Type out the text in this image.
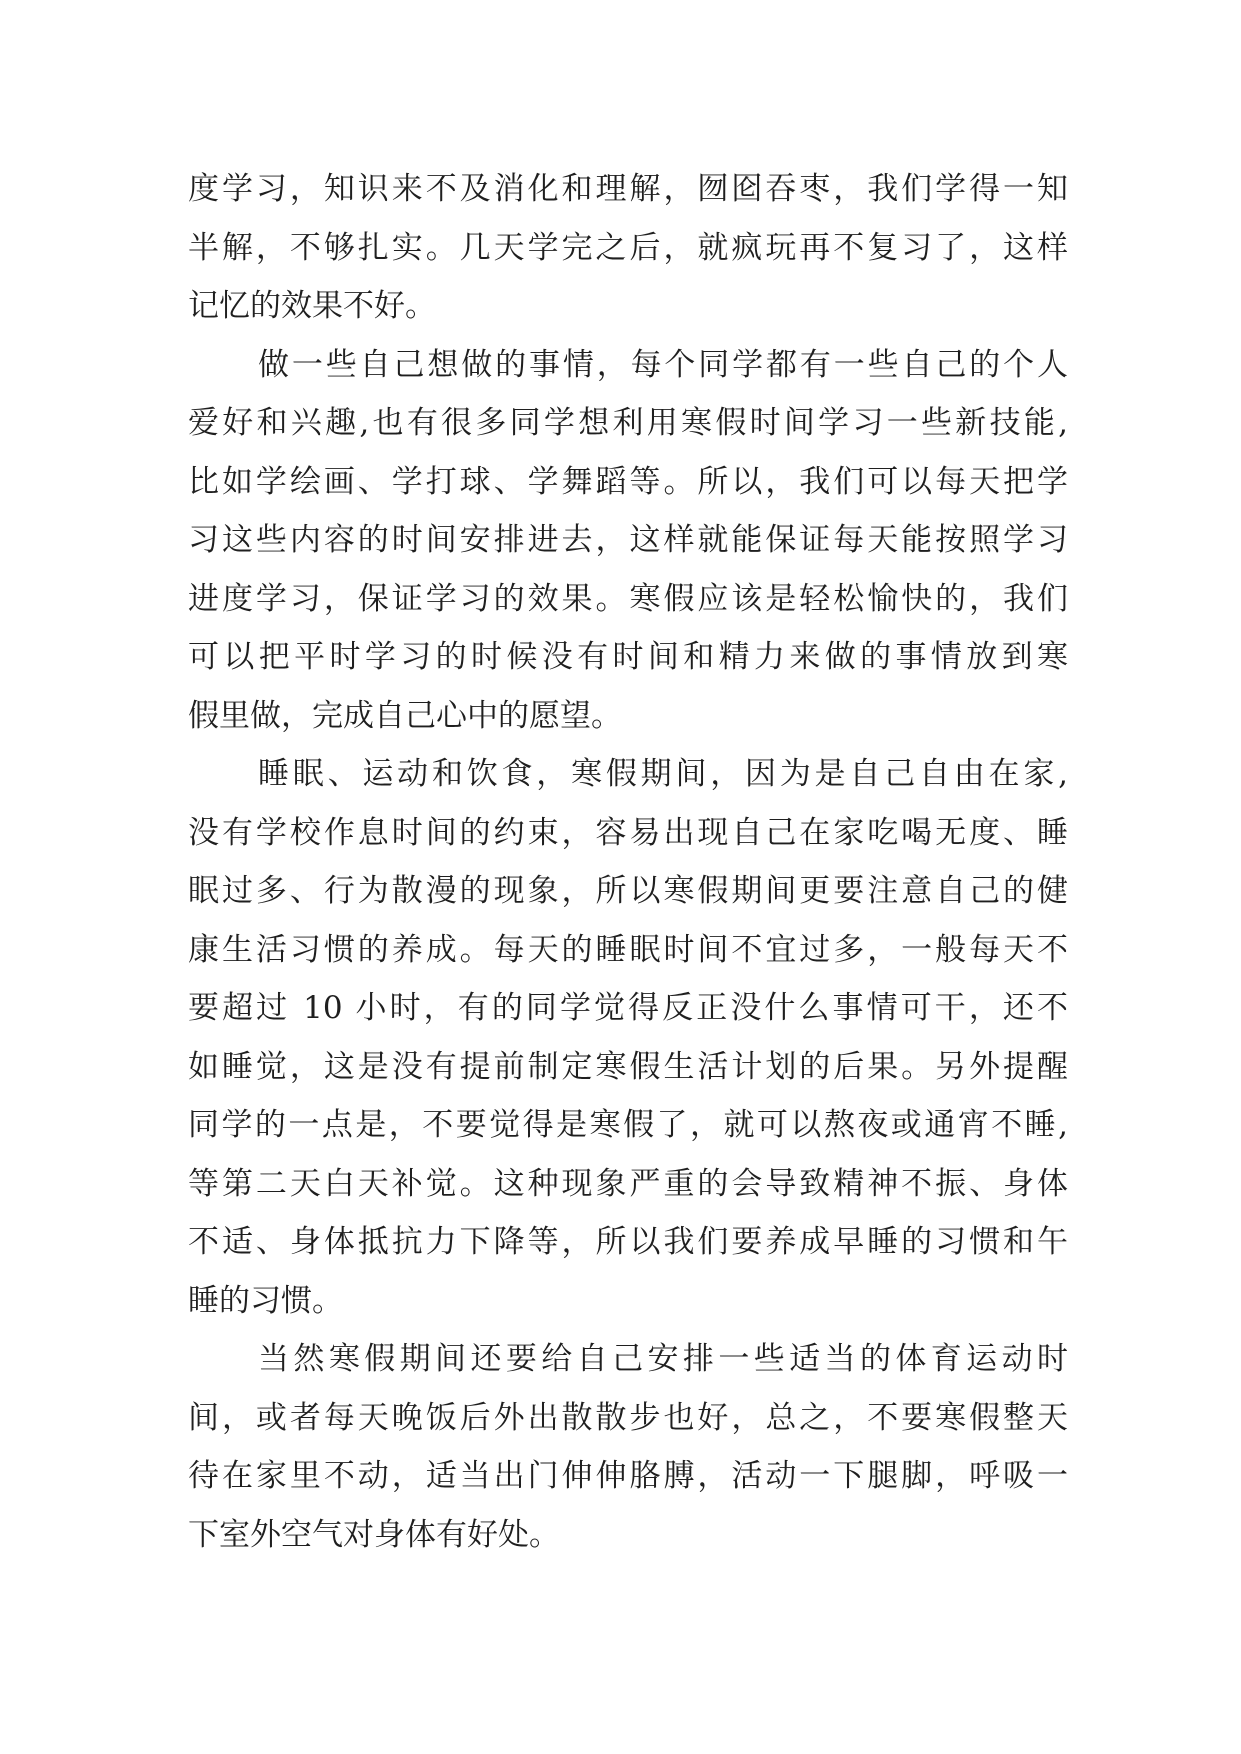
度学习，知识来不及消化和理解，囫囵吞枣，我们学得一知
半解，不够扎实。几天学完之后，就疯玩再不复习了，这样
记忆的效果不好。
做一些自己想做的事情，每个同学都有一些自己的个人
爱好和兴趣,也有很多同学想利用寒假时间学习一些新技能,
比如学绘画、学打球、学舞蹈等。所以，我们可以每天把学
习这些内容的时间安排进去，这样就能保证每天能按照学习
进度学习，保证学习的效果。寒假应该是轻松愉快的，我们
可以把平时学习的时候没有时间和精力来做的事情放到寒
假里做，完成自己心中的愿望。
睡眠、运动和饮食，寒假期间，因为是自己自由在家,
没有学校作息时间的约束，容易出现自己在家吃喝无度、睡
眠过多、行为散漫的现象，所以寒假期间更要注意自己的健
康生活习惯的养成。每天的睡眠时间不宜过多，一般每天不
要超过 10 小时，有的同学觉得反正没什么事情可干，还不
如睡觉，这是没有提前制定寒假生活计划的后果。另外提醒
同学的一点是，不要觉得是寒假了，就可以熬夜或通宵不睡,
等第二天白天补觉。这种现象严重的会导致精神不振、身体
不适、身体抵抗力下降等，所以我们要养成早睡的习惯和午
睡的习惯。
当然寒假期间还要给自己安排一些适当的体育运动时
间，或者每天晚饭后外出散散步也好，总之，不要寒假整天
待在家里不动，适当出门伸伸胳膊，活动一下腿脚，呼吸一
下室外空气对身体有好处。
